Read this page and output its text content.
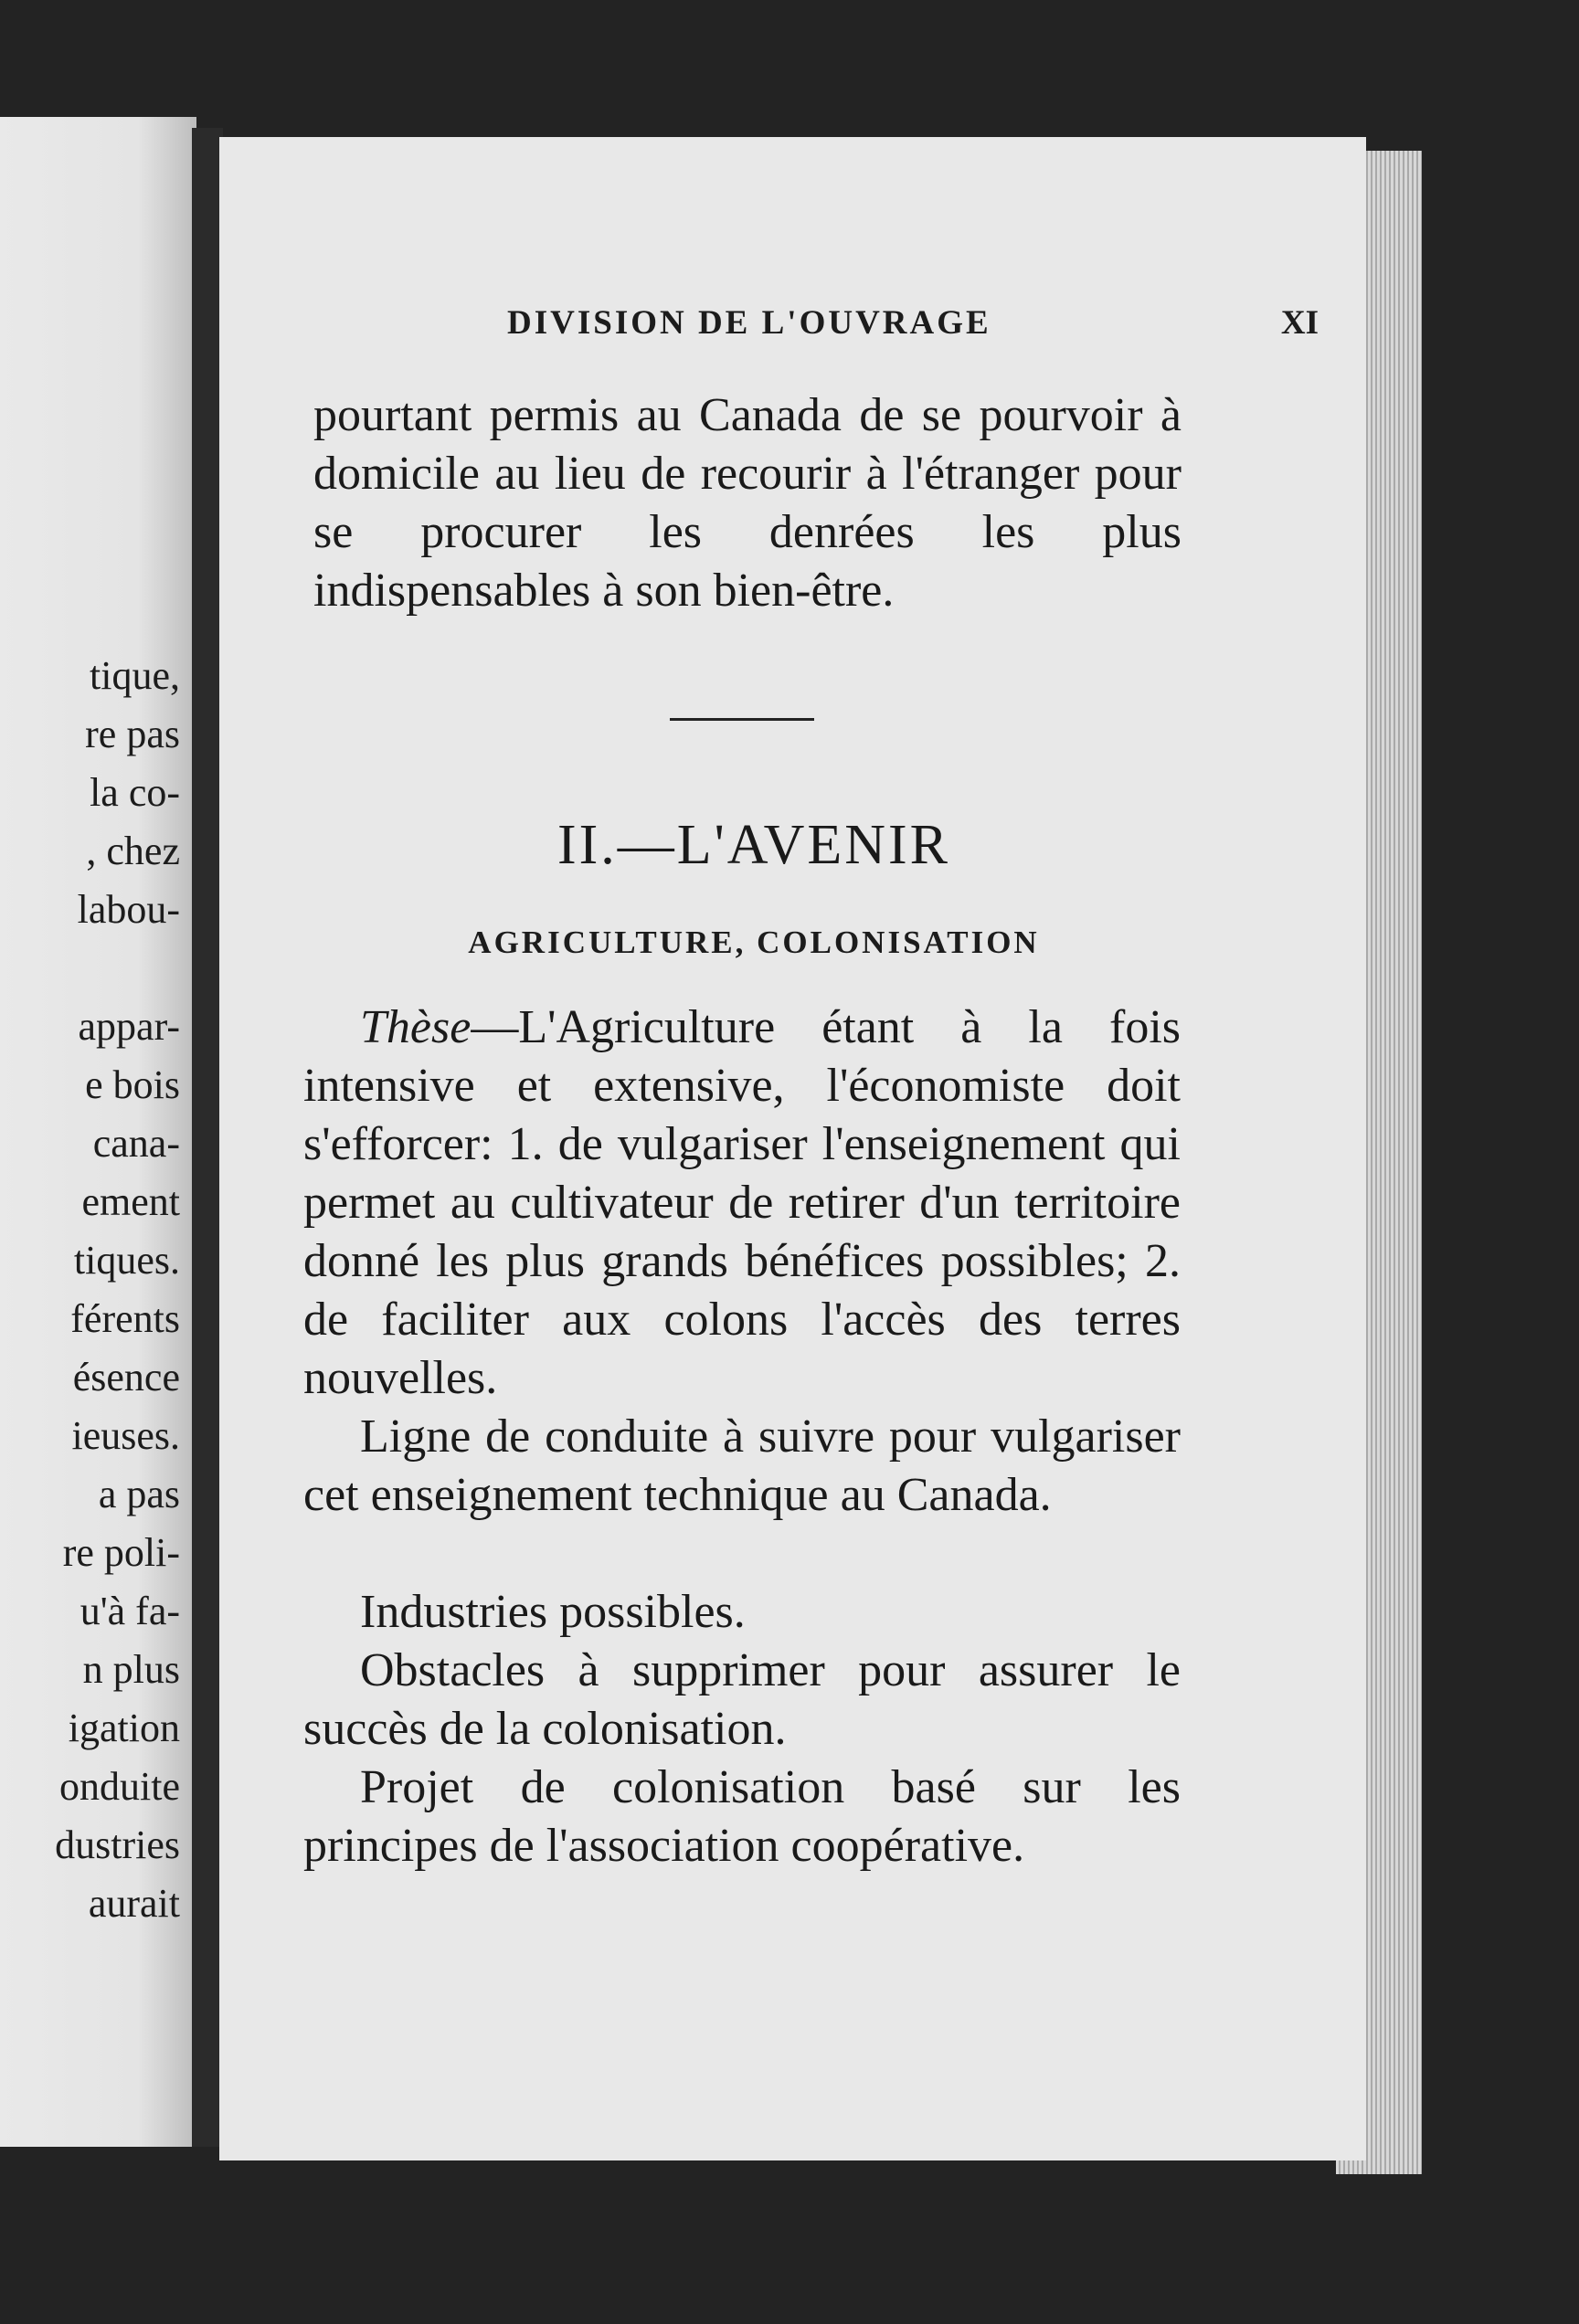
tique,
re pas
la co-
, chez
labou-
appar-
e bois
cana-
ement
tiques.
férents
ésence
ieuses.
a pas
re poli-
u'à fa-
n plus
igation
onduite
dustries
aurait

DIVISION DE L'OUVRAGE	XI

pourtant permis au Canada de se pourvoir à domicile au lieu de recourir à l'étranger pour se procurer les denrées les plus indispensables à son bien-être.

II.—L'AVENIR

AGRICULTURE, COLONISATION

Thèse—L'Agriculture étant à la fois intensive et extensive, l'économiste doit s'efforcer: 1. de vulgariser l'enseignement qui permet au cultivateur de retirer d'un territoire donné les plus grands bénéfices possibles; 2. de faciliter aux colons l'accès des terres nouvelles.

Ligne de conduite à suivre pour vulgariser cet enseignement technique au Canada.

Industries possibles.

Obstacles à supprimer pour assurer le succès de la colonisation.

Projet de colonisation basé sur les principes de l'association coopérative.
